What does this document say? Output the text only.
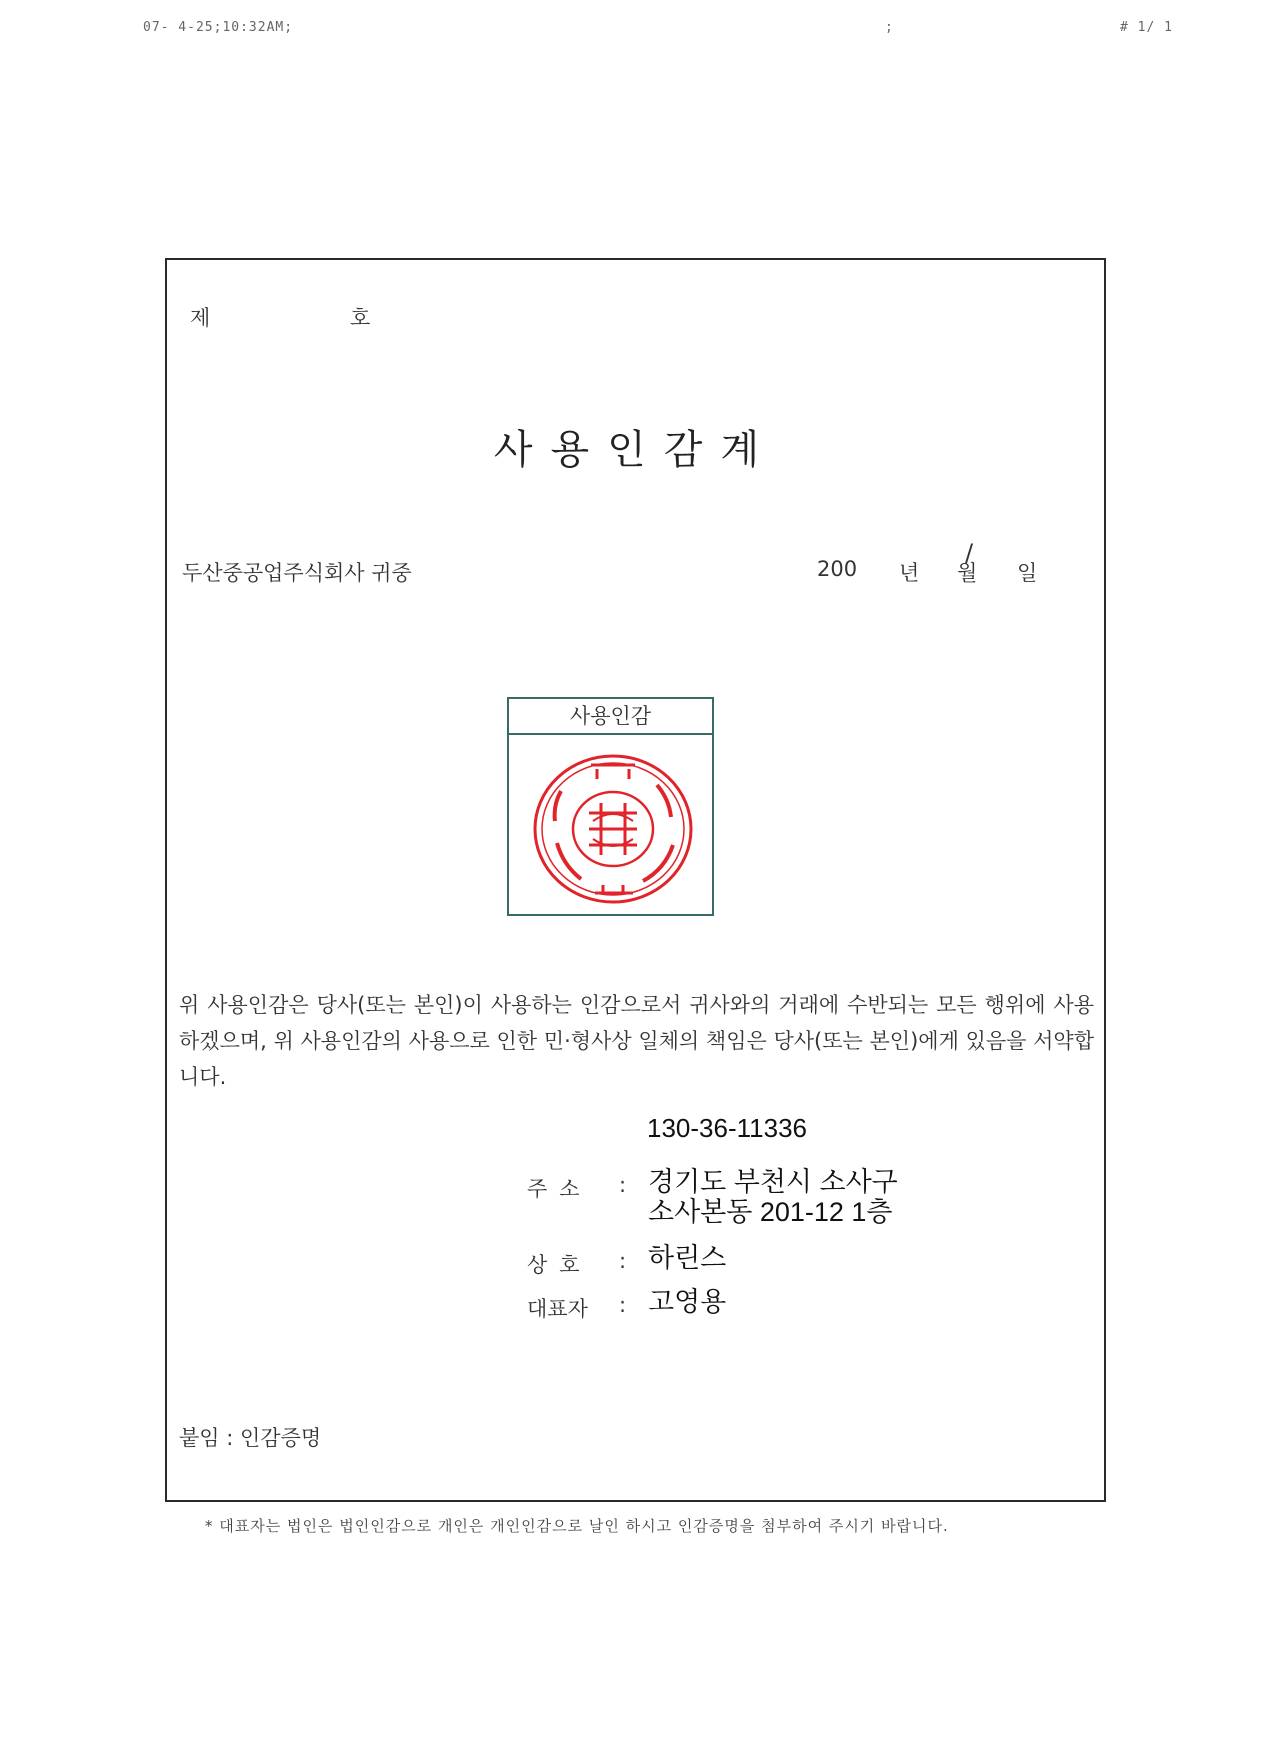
07- 4-25;10:32AM;	;	# 1/ 1
제	호
사용인감계
두산중공업주식회사 귀중	200 년
/
월 일
사용인감
위 사용인감은 당사(또는 본인)이 사용하는 인감으로서 귀사와의 거래에 수반되는 모든 행위에 사용하겠으며, 위 사용인감의 사용으로 인한 민·형사상 일체의 책임은 당사(또는 본인)에게 있음을 서약합니다.
130-36-11336
주소 : 경기도 부천시 소사구
소사본동 201-12 1층
상호 : 하린스
대표자 : 고영용
붙임 : 인감증명
* 대표자는 법인은 법인인감으로 개인은 개인인감으로 날인 하시고 인감증명을 첨부하여 주시기 바랍니다.
